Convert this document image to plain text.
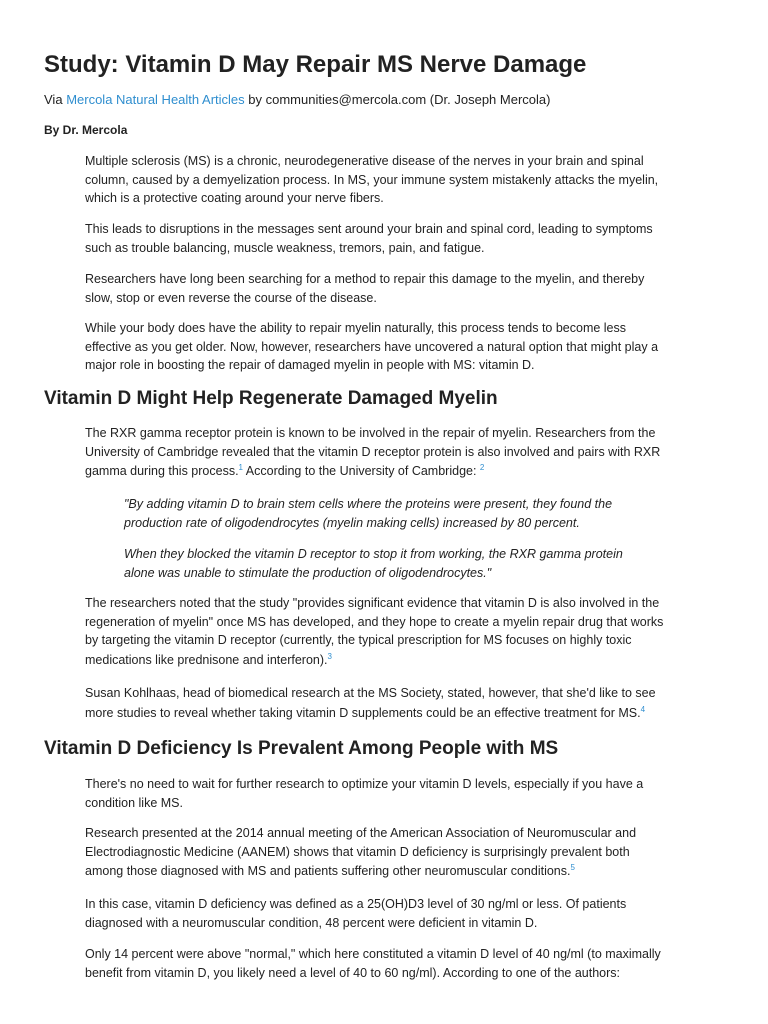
Study: Vitamin D May Repair MS Nerve Damage

Via Mercola Natural Health Articles by communities@mercola.com (Dr. Joseph Mercola)

By Dr. Mercola

Multiple sclerosis (MS) is a chronic, neurodegenerative disease of the nerves in your brain and spinal
column, caused by a demyelization process. In MS, your immune system mistakenly attacks the myelin,
which is a protective coating around your nerve fibers.

This leads to disruptions in the messages sent around your brain and spinal cord, leading to symptoms
such as trouble balancing, muscle weakness, tremors, pain, and fatigue.

Researchers have long been searching for a method to repair this damage to the myelin, and thereby
slow, stop or even reverse the course of the disease.

While your body does have the ability to repair myelin naturally, this process tends to become less
effective as you get older. Now, however, researchers have uncovered a natural option that might play a
major role in boosting the repair of damaged myelin in people with MS: vitamin D.

Vitamin D Might Help Regenerate Damaged Myelin

The RXR gamma receptor protein is known to be involved in the repair of myelin. Researchers from the
University of Cambridge revealed that the vitamin D receptor protein is also involved and pairs with RXR
gamma during this process.$^1$ According to the University of Cambridge: $^2$

"By adding vitamin D to brain stem cells where the proteins were present, they found the
production rate of oligodendrocytes (myelin making cells) increased by 80 percent.

When they blocked the vitamin D receptor to stop it from working, the RXR gamma protein
alone was unable to stimulate the production of oligodendrocytes."

The researchers noted that the study "provides significant evidence that vitamin D is also involved in the
regeneration of myelin" once MS has developed, and they hope to create a myelin repair drug that works
by targeting the vitamin D receptor (currently, the typical prescription for MS focuses on highly toxic
medications like prednisone and interferon).$^3$

Susan Kohlhaas, head of biomedical research at the MS Society, stated, however, that she'd like to see
more studies to reveal whether taking vitamin D supplements could be an effective treatment for MS.$^4$

Vitamin D Deficiency Is Prevalent Among People with MS

There's no need to wait for further research to optimize your vitamin D levels, especially if you have a
condition like MS.

Research presented at the 2014 annual meeting of the American Association of Neuromuscular and
Electrodiagnostic Medicine (AANEM) shows that vitamin D deficiency is surprisingly prevalent both
among those diagnosed with MS and patients suffering other neuromuscular conditions.$^5$

In this case, vitamin D deficiency was defined as a 25(OH)D3 level of 30 ng/ml or less. Of patients
diagnosed with a neuromuscular condition, 48 percent were deficient in vitamin D.

Only 14 percent were above "normal," which here constituted a vitamin D level of 40 ng/ml (to maximally
benefit from vitamin D, you likely need a level of 40 to 60 ng/ml). According to one of the authors:
